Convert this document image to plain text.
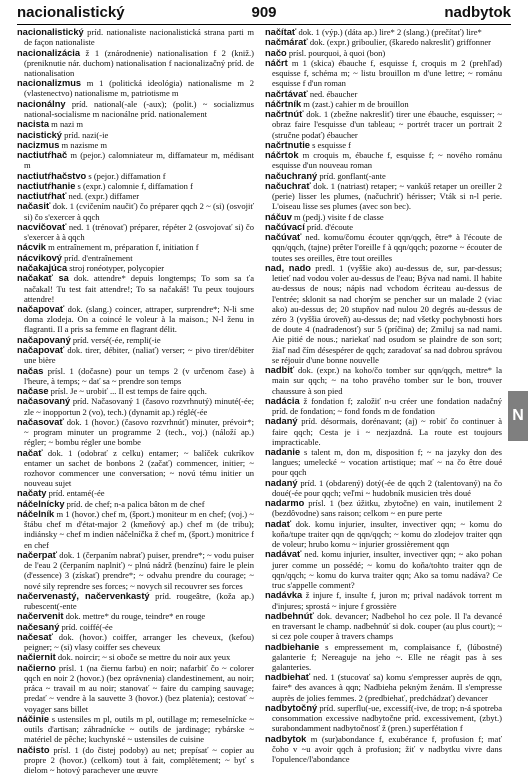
nacionalistický	909	nadbytok

nacionalistický príd. nationaliste nacionalistická strana parti m de façon nationaliste

nacionalizácia ž 1 (znárodnenie) nationalisation f 2 (kniž.) (preniknutie nár. duchom) nationalisation f nacionalizačný príd. de nationalisation

nacionalizmus m 1 (politická ideológia) nationalisme m 2 (vlastenectvo) nationalisme m, patriotisme m

nacionálny príd. national(-ale (-aux); (polit.) ~ socializmus national-socialisme m nacionálne príd. nationalement

nacista m nazi m

nacistický príd. nazi(-ie

nacizmus m nazisme m

nactiutŕhač m (pejor.) calomniateur m, diffamateur m, médisant m

nactiutŕhačstvo s (pejor.) diffamation f

nactiutŕhanie s (expr.) calomnie f, diffamation f

nactiutŕhať ned. (expr.) diffamer

načasiť dok. 1 (cvičením naučiť) čo préparer qqch 2 ~ (si) (osvojiť si) čo s'exercer à qqch

nacvičovať ned. 1 (trénovať) préparer, répéter 2 (osvojovať si) čo s'exercer à à qqch

nácvik m entraînement m, préparation f, initiation f

nácvikový príd. d'entraînement

načakajúca stroj ronéotyper, polycopier

načakať sa dok. attendre* depuis longtemps; To som sa ťa načakal! Tu test fait attendre!; To sa načakáš! Tu peux toujours attendre!

načapovať dok. (slang.) coincer, attraper, surprendre*; N-li sme doma zlodeja. On a coincé le voleur à la maison.; N-l ženu in flagranti. Il a pris sa femme en flagrant délit.

načapovaný príd. versé(-ée, rempli(-ie

načapovať dok. tirer, débiter, (naliať) verser; ~ pivo tirer/débiter une bière

načas prísl. 1 (dočasne) pour un temps 2 (v určenom čase) à l'heure, à temps; ~ dať sa ~ prendre son temps

načase prísl. Je ~ urobiť ... Il est temps de faire qqch.

načasovaný príd. Načasovaný 1 (časovo rozvrhnutý) minuté(-ée; zle ~ inopportun 2 (vo), tech.) (dynamit ap.) réglé(-ée

načasovať dok. 1 (hovor.) (časovo rozvrhnúť) minuter, prévoir*; ~ program minuter un programme 2 (tech., voj.) (náloží ap.) régler; ~ bombu régler une bombe

načať dok. 1 (odobrať z celku) entamer; ~ balíček cukríkov entamer un sachet de bonbons 2 (začať) commencer, initier; ~ rozhovor commencer une conversation; ~ novú tému initier un nouveau sujet

načaty príd. entamé(-ée

náčelnícky príd. de chef; n-a palica bâton m de chef

náčelník m 1 (hovor.) chef m, (šport.) moniteur m en chef; (voj.) ~ štábu chef m d'état-major 2 (kmeňový ap.) chef m (de tribu); indiánsky ~ chef m indien náčelníčka ž chef m, (šport.) monitrice f en chef

načerpať dok. 1 (čerpaním nabrať) puiser, prendre*; ~ vodu puiser de l'eau 2 (čerpaním naplniť) ~ plnú nádrž (benzínu) faire le plein (d'essence) 3 (získať) prendre*; ~ odvahu prendre du courage; ~ nové sily reprendre ses forces; ~ novych sil recouvrer ses forces

načervenastý, načervenkastý príd. rougeâtre, (koža ap.) rubescent(-ente

načervenit dok. mettre* du rouge, teindre* en rouge

načesaný príd. coiffé(-ée

načesať dok. (hovor.) coiffer, arranger les cheveux, (kefou) peigner; ~ (si) vlasy coiffer ses cheveux

načiernit dok. noircir; ~ si oboče se mettre du noir aux yeux

načierno prísl. 1 (na čiernu farbu) en noir; nafarbiť čo ~ colorer qqch en noir 2 (hovor.) (bez oprávnenia) clandestinement, au noir; práca ~ travail m au noir; stanovať ~ faire du camping sauvage; predať ~ vendre à la sauvette 3 (hovor.) (bez platenia); cestovať ~ voyager sans billet

náčinie s ustensiles m pl, outils m pl, outillage m; remeselnícke ~ outils d'artisan; záhradnícke ~ outils de jardinage; rybárske ~ matériel de pêche; kuchynské ~ ustensiles de cuisine

načisto prísl. 1 (do čistej podoby) au net; prepísať ~ copier au propre 2 (hovor.) (celkom) tout à fait, complètement; ~ byť s dielom ~ hotový parachever une œuvre

načítať dok. 1 (výp.) (dáta ap.) lire* 2 (slang.) (prečítať) lire*

načmárať dok. (expr.) griboulier, (škaredo nakresliť) griffonner

načo prísl. pourquoi, à quoi (bon)

náčrt m 1 (skica) ébauche f, esquisse f, croquis m 2 (prehľad) esquisse f, schéma m; ~ listu brouillon m d'une lettre; ~ románu esquisse f d'un roman

načrtávať ned. ébaucher

náčrtník m (zast.) cahier m de brouillon

načrtnúť dok. 1 (zbežne nakresliť) tirer une ébauche, esquisser; ~ obraz faire l'esquisse d'un tableau; ~ portrét tracer un portrait 2 (stručne podať) ébaucher

načrtnutie s esquisse f

náčrtok m croquis m, ébauche f, esquisse f; ~ nového románu esquisse d'un nouveau roman

načuchraný príd. gonflant(-ante

načuchrať dok. 1 (natriast) retaper; ~ vankúš retaper un oreiller 2 (perie) lisser les plumes, (načuchriť) hérisser; Vták si n-l perie. L'oiseau lisse ses plumes (avec son bec).

náčuv m (pedj.) visite f de classe

načúvací príd. d'écoute

načúvať ned. komu/čomu écouter qqn/qqch, être* à l'écoute de qqn/qqch, (tajne) prêter l'oreille f à qqn/qqch; pozorne ~ écouter de toutes ses oreilles, être tout oreilles

nad, nado predl. 1 (vyššie ako) au-dessus de, sur, par-dessus; letieť nad vodou voler au-dessus de l'eau; Býva nad nami. Il habite au-dessus de nous; nápis nad vchodom écriteau au-dessus de l'entrée; sklonit sa nad chorým se pencher sur un malade 2 (viac ako) au-dessus de; 20 stupňov nad nulou 20 degrés au-dessus de zéro 3 (vyššia úroveň) au-dessus de; nad všetky pochybnosti hors de doute 4 (nadradenosť) sur 5 (príčina) de; Zmiluj sa nad nami. Aie pitié de nous.; nariekať nad osudom se plaindre de son sort; žiaľ nad čím désespérer de qqch; zaradovať sa nad dobrou správou se réjouir d'une bonne nouvelle

nadbiť dok. (expr.) na koho/čo tomber sur qqn/qqch, mettre* la main sur qqch; ~ na toho pravého tomber sur le bon, trouver chaussure à son pied

nadácia ž fondation f; založiť n-u créer une fondation nadačný príd. de fondation; ~ fond fonds m de fondation

nadaný príd. désormais, dorénavant; (aj) ~ robiť čo continuer à faire qqch; Cesta je i ~ nezjazdná. La route est toujours impracticable.

nadanie s talent m, don m, disposition f; ~ na jazyky don des langues; umelecké ~ vocation artistique; mať ~ na čo être doué pour qqch

nadaný príd. 1 (obdarený) dotý(-ée de qqch 2 (talentovaný) na čo doué(-ée pour qqch; veľmi ~ hudobník musicien très doué

nadarmo prísl. 1 (bez úžitku, zbytočne) en vain, inutilement 2 (bezdôvodne) sans raison; celkom ~ en pure perte

nadať dok. komu injurier, insulter, invectiver qqn; ~ komu do koňa/tupe traiter qqn de qqn/qqch; ~ komu do zlodejov traiter qqn de voleur; hrubo komu ~ injurier grossièrement qqn

nadávať ned. komu injurier, insulter, invectiver qqn; ~ ako pohan jurer comme un possédé; ~ komu do koňa/tohto traiter qqn de qqn/qqch; ~ komu do kurva traiter qqn; Ako sa tomu nadáva? Ce truc s'appelle comment?

nadávka ž injure f, insulte f, juron m; prival nadávok torrent m d'injures; sprostá ~ injure f grossière

nadbehnúť dok. devancer; Nadbehol ho cez pole. Il l'a devancé en traversant le champ. nadbehnúť si dok. couper (au plus court); ~ si cez pole couper à travers champs

nadbiehanie s empressement m, complaisance f, (lúbostné) galanterie f; Nereaguje na jeho ~. Elle ne réagit pas à ses galanteries.

nadbiehať ned. 1 (stucovať sa) komu s'empresser auprès de qqn, faire* des avances à qqn; Nadbieha pekným ženám. Il s'empresse auprès de jolies femmes. 2 (predbiehať, predchádzať) devancer

nadbytočný príd. superflu(-ue, excessif(-ive, de trop; n-á spotreba consommation excessive nadbytočne príd. excessivement, (zbyt.) surabondamment nadbytočnosť ž (pren.) superfétation f

nadbytok m (sur)abondance f, exubérance f, profusion f; mať čoho v ~u avoir qqch à profusion; žiť v nadbytku vivre dans l'opulence/l'abondance

N
